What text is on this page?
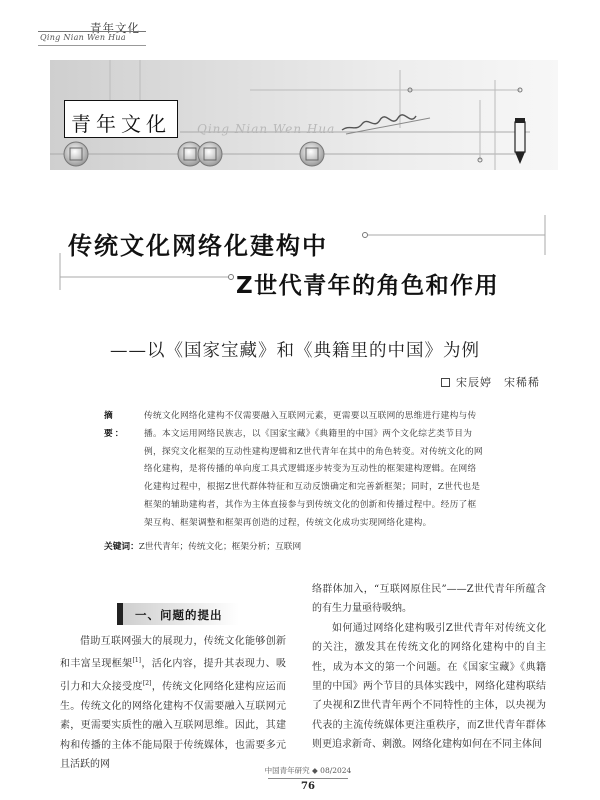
青年文化
Qing Nian Wen Hua
青年文化	Qing Nian Wen Hua
传统文化网络化建构中
Z世代青年的角色和作用
——以《国家宝藏》和《典籍里的中国》为例
宋辰婷　宋稀稀
摘　要：
传统文化网络化建构不仅需要融入互联网元素，更需要以互联网的思维进行建构与传播。本文运用网络民族志，以《国家宝藏》《典籍里的中国》两个文化综艺类节目为例，探究文化框架的互动性建构逻辑和Z世代青年在其中的角色转变。对传统文化的网络化建构，是将传播的单向度工具式逻辑逐步转变为互动性的框架建构逻辑。在网络化建构过程中，根据Z世代群体特征和互动反馈确定和完善新框架；同时，Z世代也是框架的辅助建构者，其作为主体直接参与到传统文化的创新和传播过程中。经历了框架互构、框架调整和框架再创造的过程，传统文化成功实现网络化建构。
关键词：Z世代青年；传统文化；框架分析；互联网
一、问题的提出

借助互联网强大的展现力，传统文化能够创新和丰富呈现框架[1]，活化内容，提升其表现力、吸引力和大众接受度[2]，传统文化网络化建构应运而生。传统文化的网络化建构不仅需要融入互联网元素，更需要实质性的融入互联网思维。因此，其建构和传播的主体不能局限于传统媒体，也需要多元且活跃的网

络群体加入，“互联网原住民”——Z世代青年所蕴含的有生力量亟待吸纳。

如何通过网络化建构吸引Z世代青年对传统文化的关注，激发其在传统文化的网络化建构中的自主性，成为本文的第一个问题。在《国家宝藏》《典籍里的中国》两个节目的具体实践中，网络化建构联结了央视和Z世代青年两个不同特性的主体，以央视为代表的主流传统媒体更注重秩序，而Z世代青年群体则更追求新奇、刺激。网络化建构如何在不同主体间

中国青年研究 ◆ 08/2024
76
